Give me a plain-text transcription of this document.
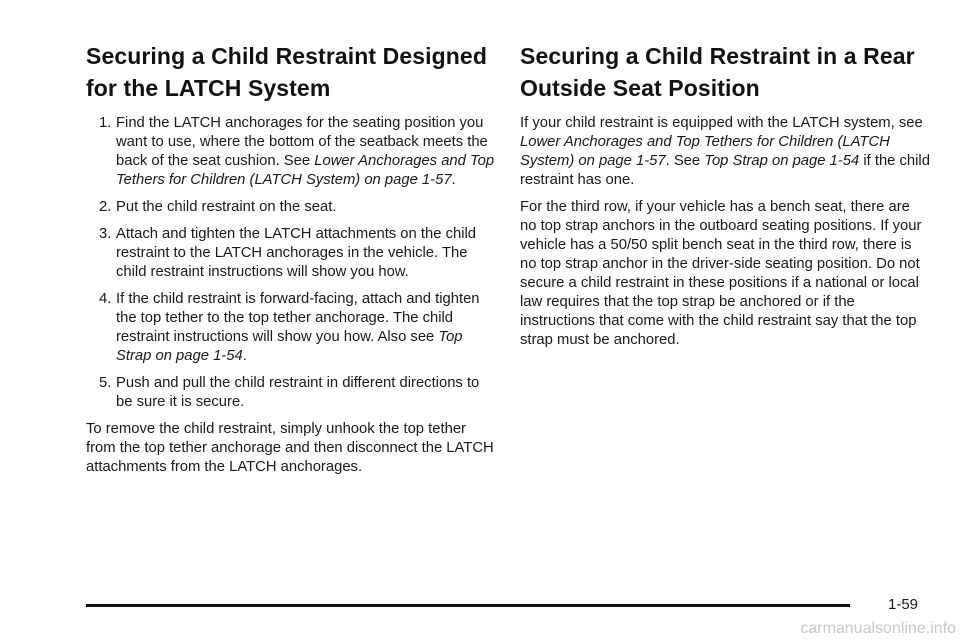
Securing a Child Restraint Designed for the LATCH System
1. Find the LATCH anchorages for the seating position you want to use, where the bottom of the seatback meets the back of the seat cushion. See Lower Anchorages and Top Tethers for Children (LATCH System) on page 1-57.
2. Put the child restraint on the seat.
3. Attach and tighten the LATCH attachments on the child restraint to the LATCH anchorages in the vehicle. The child restraint instructions will show you how.
4. If the child restraint is forward-facing, attach and tighten the top tether to the top tether anchorage. The child restraint instructions will show you how. Also see Top Strap on page 1-54.
5. Push and pull the child restraint in different directions to be sure it is secure.

To remove the child restraint, simply unhook the top tether from the top tether anchorage and then disconnect the LATCH attachments from the LATCH anchorages.

Securing a Child Restraint in a Rear Outside Seat Position

If your child restraint is equipped with the LATCH system, see Lower Anchorages and Top Tethers for Children (LATCH System) on page 1-57. See Top Strap on page 1-54 if the child restraint has one.

For the third row, if your vehicle has a bench seat, there are no top strap anchors in the outboard seating positions. If your vehicle has a 50/50 split bench seat in the third row, there is no top strap anchor in the driver-side seating position. Do not secure a child restraint in these positions if a national or local law requires that the top strap be anchored or if the instructions that come with the child restraint say that the top strap must be anchored.

1-59
carmanualsonline.info
